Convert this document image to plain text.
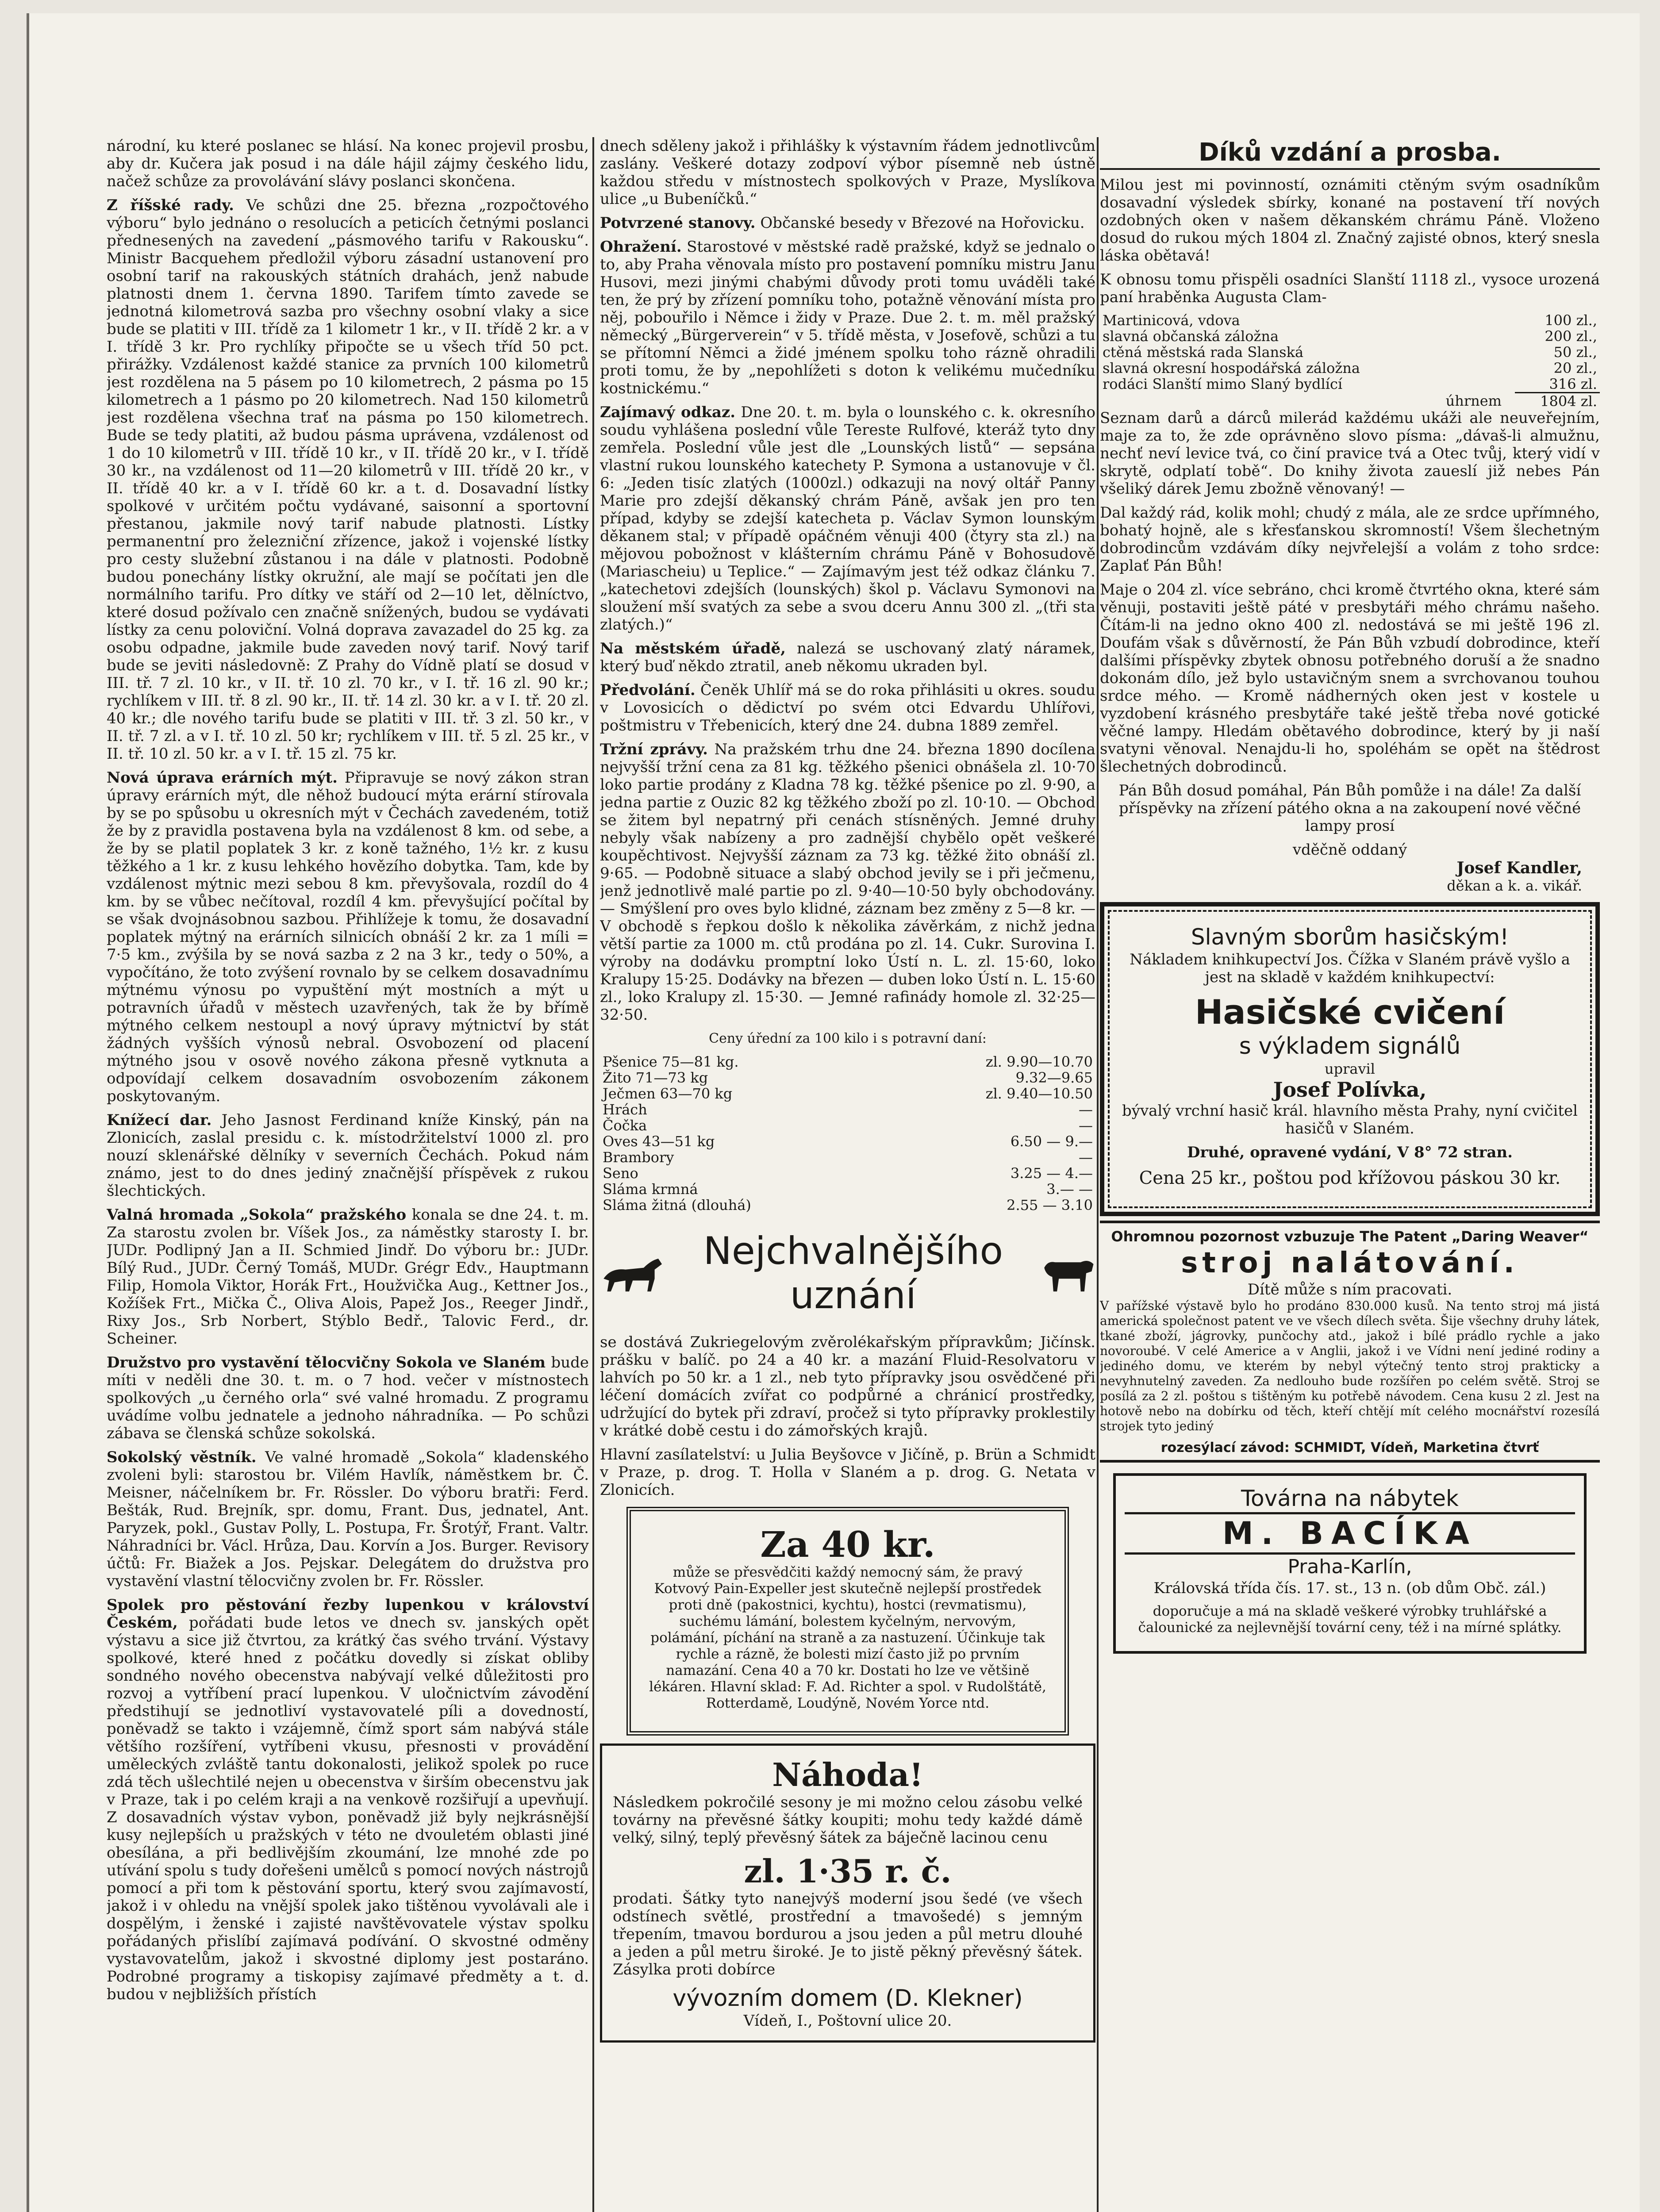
národní, ku které poslanec se hlásí. Na konec projevil prosbu, aby dr. Kučera jak posud i na dále hájil zájmy českého lidu, načež schůze za provolávání slávy poslanci skončena.

Z říšské rady. Ve schůzi dne 25. března „rozpočtového výboru“ bylo jednáno o resolucích a peticích četnými poslanci přednesených na zavedení „pásmového tarifu v Rakousku“. Ministr Bacquehem předložil výboru zásadní ustanovení pro osobní tarif na rakouských státních drahách, jenž nabude platnosti dnem 1. června 1890. Tarifem tímto zavede se jednotná kilometrová sazba pro všechny osobní vlaky a sice bude se platiti v III. třídě za 1 kilometr 1 kr., v II. třídě 2 kr. a v I. třídě 3 kr. Pro rychlíky připočte se u všech tříd 50 pct. přirážky. Vzdálenost každé stanice za prvních 100 kilometrů jest rozdělena na 5 pásem po 10 kilometrech, 2 pásma po 15 kilometrech a 1 pásmo po 20 kilometrech. Nad 150 kilometrů jest rozdělena všechna trať na pásma po 150 kilometrech. Bude se tedy platiti, až budou pásma uprávena, vzdálenost od 1 do 10 kilometrů v III. třídě 10 kr., v II. třídě 20 kr., v I. třídě 30 kr., na vzdálenost od 11—20 kilometrů v III. třídě 20 kr., v II. třídě 40 kr. a v I. třídě 60 kr. a t. d. Dosavadní lístky spolkové v určitém počtu vydávané, saisonní a sportovní přestanou, jakmile nový tarif nabude platnosti. Lístky permanentní pro železniční zřízence, jakož i vojenské lístky pro cesty služební zůstanou i na dále v platnosti. Podobně budou ponechány lístky okružní, ale mají se počítati jen dle normálního tarifu. Pro dítky ve stáří od 2—10 let, dělníctvo, které dosud požívalo cen značně snížených, budou se vydávati lístky za cenu poloviční. Volná doprava zavazadel do 25 kg. za osobu odpadne, jakmile bude zaveden nový tarif. Nový tarif bude se jeviti následovně: Z Prahy do Vídně platí se dosud v III. tř. 7 zl. 10 kr., v II. tř. 10 zl. 70 kr., v I. tř. 16 zl. 90 kr.; rychlíkem v III. tř. 8 zl. 90 kr., II. tř. 14 zl. 30 kr. a v I. tř. 20 zl. 40 kr.; dle nového tarifu bude se platiti v III. tř. 3 zl. 50 kr., v II. tř. 7 zl. a v I. tř. 10 zl. 50 kr; rychlíkem v III. tř. 5 zl. 25 kr., v II. tř. 10 zl. 50 kr. a v I. tř. 15 zl. 75 kr.

Nová úprava erárních mýt. Připravuje se nový zákon stran úpravy erárních mýt, dle něhož budoucí mýta erární stírovala by se po spůsobu u okresních mýt v Čechách zavedeném, totiž že by z pravidla postavena byla na vzdálenost 8 km. od sebe, a že by se platil poplatek 3 kr. z koně tažného, 1½ kr. z kusu těžkého a 1 kr. z kusu lehkého hovězího dobytka. Tam, kde by vzdálenost mýtnic mezi sebou 8 km. převyšovala, rozdíl do 4 km. by se vůbec nečítoval, rozdíl 4 km. převyšující počítal by se však dvojnásobnou sazbou. Přihlížeje k tomu, že dosavadní poplatek mýtný na erárních silnicích obnáší 2 kr. za 1 míli = 7·5 km., zvýšila by se nová sazba z 2 na 3 kr., tedy o 50%, a vypočítáno, že toto zvýšení rovnalo by se celkem dosavadnímu mýtnému výnosu po vypuštění mýt mostních a mýt u potravních úřadů v městech uzavřených, tak že by břímě mýtného celkem nestoupl a nový úpravy mýtnictví by stát žádných vyšších výnosů nebral. Osvobození od placení mýtného jsou v osově nového zákona přesně vytknuta a odpovídají celkem dosavadním osvobozením zákonem poskytovaným.

Knížecí dar. Jeho Jasnost Ferdinand kníže Kinský, pán na Zlonicích, zaslal presidu c. k. místodržitelství 1000 zl. pro nouzí sklenářské dělníky v severních Čechách. Pokud nám známo, jest to do dnes jediný značnější příspěvek z rukou šlechtických.

Valná hromada „Sokola“ pražského konala se dne 24. t. m. Za starostu zvolen br. Víšek Jos., za náměstky starosty I. br. JUDr. Podlipný Jan a II. Schmied Jindř. Do výboru br.: JUDr. Bílý Rud., JUDr. Černý Tomáš, MUDr. Grégr Edv., Hauptmann Filip, Homola Viktor, Horák Frt., Houžvička Aug., Kettner Jos., Kožíšek Frt., Mička Č., Oliva Alois, Papež Jos., Reeger Jindř., Rixy Jos., Srb Norbert, Stýblo Bedř., Talovic Ferd., dr. Scheiner.

Družstvo pro vystavění tělocvičny Sokola ve Slaném bude míti v neděli dne 30. t. m. o 7 hod. večer v místnostech spolkových „u černého orla“ své valné hromadu. Z programu uvádíme volbu jednatele a jednoho náhradníka. — Po schůzi zábava se členská schůze sokolská.

Sokolský věstník. Ve valné hromadě „Sokola“ kladenského zvoleni byli: starostou br. Vilém Havlík, náměstkem br. Č. Meisner, náčelníkem br. Fr. Rössler. Do výboru bratři: Ferd. Bešták, Rud. Brejník, spr. domu, Frant. Dus, jednatel, Ant. Paryzek, pokl., Gustav Polly, L. Postupa, Fr. Šrotýř, Frant. Valtr. Náhradníci br. Václ. Hrůza, Dau. Korvín a Jos. Burger. Revisory účtů: Fr. Biažek a Jos. Pejskar. Delegátem do družstva pro vystavění vlastní tělocvičny zvolen br. Fr. Rössler.

Spolek pro pěstování řezby lupenkou v království Českém, pořádati bude letos ve dnech sv. janských opět výstavu a sice již čtvrtou, za krátký čas svého trvání. Výstavy spolkové, které hned z počátku dovedly si získat obliby sondného nového obecenstva nabývají velké důležitosti pro rozvoj a vytříbení prací lupenkou. V uločnictvím závodění předstihují se jednotliví vystavovatelé píli a dovedností, poněvadž se takto i vzájemně, čímž sport sám nabývá stále většího rozšíření, vytříbeni vkusu, přesnosti v provádění uměleckých zvláště tantu dokonalosti, jelikož spolek po ruce zdá těch ušlechtilé nejen u obecenstva v širším obecenstvu jak v Praze, tak i po celém kraji a na venkově rozšiřují a upevňují. Z dosavadních výstav vybon, poněvadž již byly nejkrásnější kusy nejlepších u pražských v této ne dvouletém oblasti jiné obesílána, a při bedlivějším zkoumání, lze mnohé zde po utívání spolu s tudy dořešeni umělců s pomocí nových nástrojů pomocí a při tom k pěstování sportu, který svou zajímavostí, jakož i v ohledu na vnější spolek jako tištěnou vyvolávali ale i dospělým, i ženské i zajisté navštěvovatele výstav spolku pořádaných přislíbí zajímavá podívání. O skvostné odměny vystavovatelům, jakož i skvostné diplomy jest postaráno. Podrobné programy a tiskopisy zajímavé předměty a t. d. budou v nejbližších přístích

dnech sděleny jakož i přihlášky k výstavním řádem jednotlivcům zaslány. Veškeré dotazy zodpoví výbor písemně neb ústně každou středu v místnostech spolkových v Praze, Myslíkova ulice „u Bubeníčků.“

Potvrzené stanovy. Občanské besedy v Březové na Hořovicku.

Ohražení. Starostové v městské radě pražské, když se jednalo o to, aby Praha věnovala místo pro postavení pomníku mistru Janu Husovi, mezi jinými chabými důvody proti tomu uváděli také ten, že prý by zřízení pomníku toho, potažně věnování místa pro něj, pobouřilo i Němce i židy v Praze. Due 2. t. m. měl pražský německý „Bürgerverein“ v 5. třídě města, v Josefově, schůzi a tu se přítomní Němci a židé jménem spolku toho rázně ohradili proti tomu, že by „nepohlížeti s doton k velikému mučedníku kostnickému.“

Zajímavý odkaz. Dne 20. t. m. byla o lounského c. k. okresního soudu vyhlášena poslední vůle Tereste Rulfové, kteráž tyto dny zemřela. Poslední vůle jest dle „Lounských listů“ — sepsána vlastní rukou lounského katechety P. Symona a ustanovuje v čl. 6: „Jeden tisíc zlatých (1000zl.) odkazuji na nový oltář Panny Marie pro zdejší děkanský chrám Páně, avšak jen pro ten případ, kdyby se zdejší katecheta p. Václav Symon lounským děkanem stal; v případě opáčném věnuji 400 (čtyry sta zl.) na mějovou pobožnost v klášterním chrámu Páně v Bohosudově (Mariascheiu) u Teplice.“ — Zajímavým jest též odkaz článku 7. „katechetovi zdejších (lounských) škol p. Václavu Symonovi na sloužení mší svatých za sebe a svou dceru Annu 300 zl. „(tři sta zlatých.)“

Na městském úřadě, nalezá se uschovaný zlatý náramek, který buď někdo ztratil, aneb někomu ukraden byl.

Předvolání. Čeněk Uhlíř má se do roka přihlásiti u okres. soudu v Lovosicích o dědictví po svém otci Edvardu Uhlířovi, poštmistru v Třebenicích, který dne 24. dubna 1889 zemřel.

Tržní zprávy. Na pražském trhu dne 24. března 1890 docílena nejvyšší tržní cena za 81 kg. těžkého pšenici obnášela zl. 10·70 loko partie prodány z Kladna 78 kg. těžké pšenice po zl. 9·90, a jedna partie z Ouzic 82 kg těžkého zboží po zl. 10·10. — Obchod se žitem byl nepatrný při cenách stísněných. Jemné druhy nebyly však nabízeny a pro zadnější chybělo opět veškeré koupěchtivost. Nejvyšší záznam za 73 kg. těžké žito obnáší zl. 9·65. — Podobně situace a slabý obchod jevily se i při ječmenu, jenž jednotlivě malé partie po zl. 9·40—10·50 byly obchodovány. — Smýšlení pro oves bylo klidné, záznam bez změny z 5—8 kr. — V obchodě s řepkou došlo k několika závěrkám, z nichž jedna větší partie za 1000 m. ctů prodána po zl. 14. Cukr. Surovina I. výroby na dodávku promptní loko Ústí n. L. zl. 15·60, loko Kralupy 15·25. Dodávky na březen — duben loko Ústí n. L. 15·60 zl., loko Kralupy zl. 15·30. — Jemné rafinády homole zl. 32·25—32·50.

Ceny úřední za 100 kilo i s potravní daní:

Pšenice 75—81 kg.	zl. 9.90—10.70
Žito 71—73 kg	9.32—9.65
Ječmen 63—70 kg	zl. 9.40—10.50
Hrách	—
Čočka	—
Oves 43—51 kg	6.50 — 9.—
Brambory	—
Seno	3.25 — 4.—
Sláma krmná	3.— —
Sláma žitná (dlouhá)	2.55 — 3.10
Nejchvalnějšího uznání

se dostává Zukriegelovým zvěrolékařským přípravkům; Jičínsk. prášku v balíč. po 24 a 40 kr. a mazání Fluid-Resolvatoru v lahvích po 50 kr. a 1 zl., neb tyto přípravky jsou osvědčené při léčení domácích zvířat co podpůrné a chránicí prostředky, udržující do bytek při zdraví, pročež si tyto přípravky proklestily v krátké době cestu i do zámořských krajů.

Hlavní zasílatelství: u Julia Beyšovce v Jičíně, p. Brün a Schmidt v Praze, p. drog. T. Holla v Slaném a p. drog. G. Netata v Zlonicích.

Za 40 kr.

může se přesvědčiti každý nemocný sám, že pravý Kotvový Pain-Expeller jest skutečně nejlepší prostředek proti dně (pakostnici, kychtu), hostci (revmatismu), suchému lámání, bolestem kyčelným, nervovým, polámání, píchání na straně a za nastuzení. Účinkuje tak rychle a rázně, že bolesti mizí často již po prvním namazání. Cena 40 a 70 kr. Dostati ho lze ve většině lékáren. Hlavní sklad: F. Ad. Richter a spol. v Rudolštátě, Rotterdamě, Loudýně, Novém Yorce ntd.

Náhoda!

Následkem pokročilé sesony je mi možno celou zásobu velké továrny na převěsné šátky koupiti; mohu tedy každé dámě velký, silný, teplý převěsný šátek za báječně lacinou cenu

zl. 1·35 r. č.

prodati. Šátky tyto nanejvýš moderní jsou šedé (ve všech odstínech světlé, prostřední a tmavošedé) s jemným třepením, tmavou bordurou a jsou jeden a půl metru dlouhé a jeden a půl metru široké. Je to jistě pěkný převěsný šátek. Zásylka proti dobírce

vývozním domem (D. Klekner)
Vídeň, I., Poštovní ulice 20.
Díků vzdání a prosba.

Milou jest mi povinností, oznámiti ctěným svým osadníkům dosavadní výsledek sbírky, konané na postavení tří nových ozdobných oken v našem děkanském chrámu Páně. Vloženo dosud do rukou mých 1804 zl. Značný zajisté obnos, který snesla láska obětavá!

K obnosu tomu přispěli osadníci Slanští 1118 zl., vysoce urozená paní hraběnka Augusta Clam-

Martinicová, vdova	100 zl.,
slavná občanská záložna	200 zl.,
ctěná městská rada Slanská	50 zl.,
slavná okresní hospodářská záložna	20 zl.,
rodáci Slanští mimo Slaný bydlící	316 zl.
úhrnem	1804 zl.

Seznam darů a dárců milerád každému ukáži ale neuveřejním, maje za to, že zde oprávněno slovo písma: „dávaš-li almužnu, nechť neví levice tvá, co činí pravice tvá a Otec tvůj, který vidí v skrytě, odplatí tobě“. Do knihy života zaueslí již nebes Pán všeliký dárek Jemu zbožně věnovaný! —

Dal každý rád, kolik mohl; chudý z mála, ale ze srdce upřímného, bohatý hojně, ale s křesťanskou skromností! Všem šlechetným dobrodincům vzdávám díky nejvřelejší a volám z toho srdce: Zaplať Pán Bůh!

Maje o 204 zl. více sebráno, chci kromě čtvrtého okna, které sám věnuji, postaviti ještě páté v presbytáři mého chrámu našeho. Čítám-li na jedno okno 400 zl. nedostává se mi ještě 196 zl. Doufám však s důvěrností, že Pán Bůh vzbudí dobrodince, kteří dalšími příspěvky zbytek obnosu potřebného doruší a že snadno dokonám dílo, jež bylo ustavičným snem a svrchovanou touhou srdce mého. — Kromě nádherných oken jest v kostele u vyzdobení krásného presbytáře také ještě třeba nové gotické věčné lampy. Hledám obětavého dobrodince, který by ji naší svatyni věnoval. Nenajdu-li ho, spoléhám se opět na štědrost šlechetných dobrodinců.

Pán Bůh dosud pomáhal, Pán Bůh pomůže i na dále! Za další příspěvky na zřízení pátého okna a na zakoupení nové věčné lampy prosí

vděčně oddaný
Josef Kandler,
děkan a k. a. vikář.
Slavným sborům hasičským!

Nákladem knihkupectví Jos. Čížka v Slaném právě vyšlo a jest na skladě v každém knihkupectví:

Hasičské cvičení
s výkladem signálů
upravil
Josef Polívka,

bývalý vrchní hasič král. hlavního města Prahy, nyní cvičitel hasičů v Slaném.

Druhé, opravené vydání, V 8° 72 stran.

Cena 25 kr., poštou pod křížovou páskou 30 kr.

Ohromnou pozornost vzbuzuje The Patent „Daring Weaver“
stroj nalátování.
Dítě může s ním pracovati.

V pařížské výstavě bylo ho prodáno 830.000 kusů. Na tento stroj má jistá americká společnost patent ve ve všech dílech světa. Šije všechny druhy látek, tkané zboží, jágrovky, punčochy atd., jakož i bílé prádlo rychle a jako novoroubé. V celé Americe a v Anglii, jakož i ve Vídni není jediné rodiny a jediného domu, ve kterém by nebyl výtečný tento stroj prakticky a nevyhnutelný zaveden. Za nedlouho bude rozšířen po celém světě. Stroj se posílá za 2 zl. poštou s tištěným ku potřebě návodem. Cena kusu 2 zl. Jest na hotově nebo na dobírku od těch, kteří chtějí mít celého mocnářství rozesílá strojek tyto jediný

rozesýlací závod: SCHMIDT, Vídeň, Marketina čtvrť
Továrna na nábytek
M. BACÍKA
Praha-Karlín,

Královská třída čís. 17. st., 13 n. (ob dům Obč. zál.)

doporučuje a má na skladě veškeré výrobky truhlářské a čalounické za nejlevnější tovární ceny, též i na mírné splátky.
